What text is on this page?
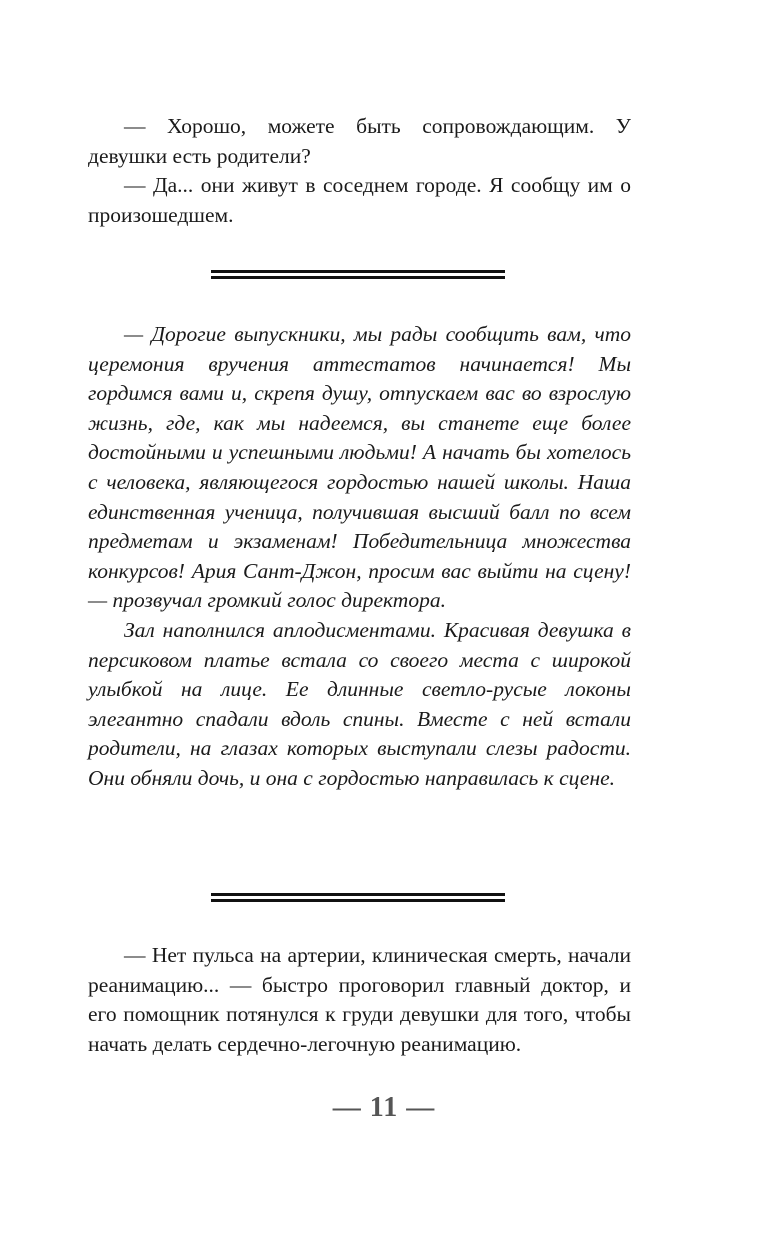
— Хорошо, можете быть сопровождающим. У девушки есть родители?

— Да... они живут в соседнем городе. Я сообщу им о произошедшем.

— Дорогие выпускники, мы рады сообщить вам, что церемония вручения аттестатов начинается! Мы гордимся вами и, скрепя душу, отпускаем вас во взрослую жизнь, где, как мы надеемся, вы станете еще более достойными и успешными людьми! А начать бы хотелось с человека, являющегося гордостью нашей школы. Наша единственная ученица, получившая высший балл по всем предметам и экзаменам! Победительница множества конкурсов! Ария Сант-Джон, просим вас выйти на сцену! — прозвучал громкий голос директора.

Зал наполнился аплодисментами. Красивая девушка в персиковом платье встала со своего места с широкой улыбкой на лице. Ее длинные светло-русые локоны элегантно спадали вдоль спины. Вместе с ней встали родители, на глазах которых выступали слезы радости. Они обняли дочь, и она с гордостью направилась к сцене.

— Нет пульса на артерии, клиническая смерть, начали реанимацию... — быстро проговорил главный доктор, и его помощник потянулся к груди девушки для того, чтобы начать делать сердечно-легочную реанимацию.

— 11 —
